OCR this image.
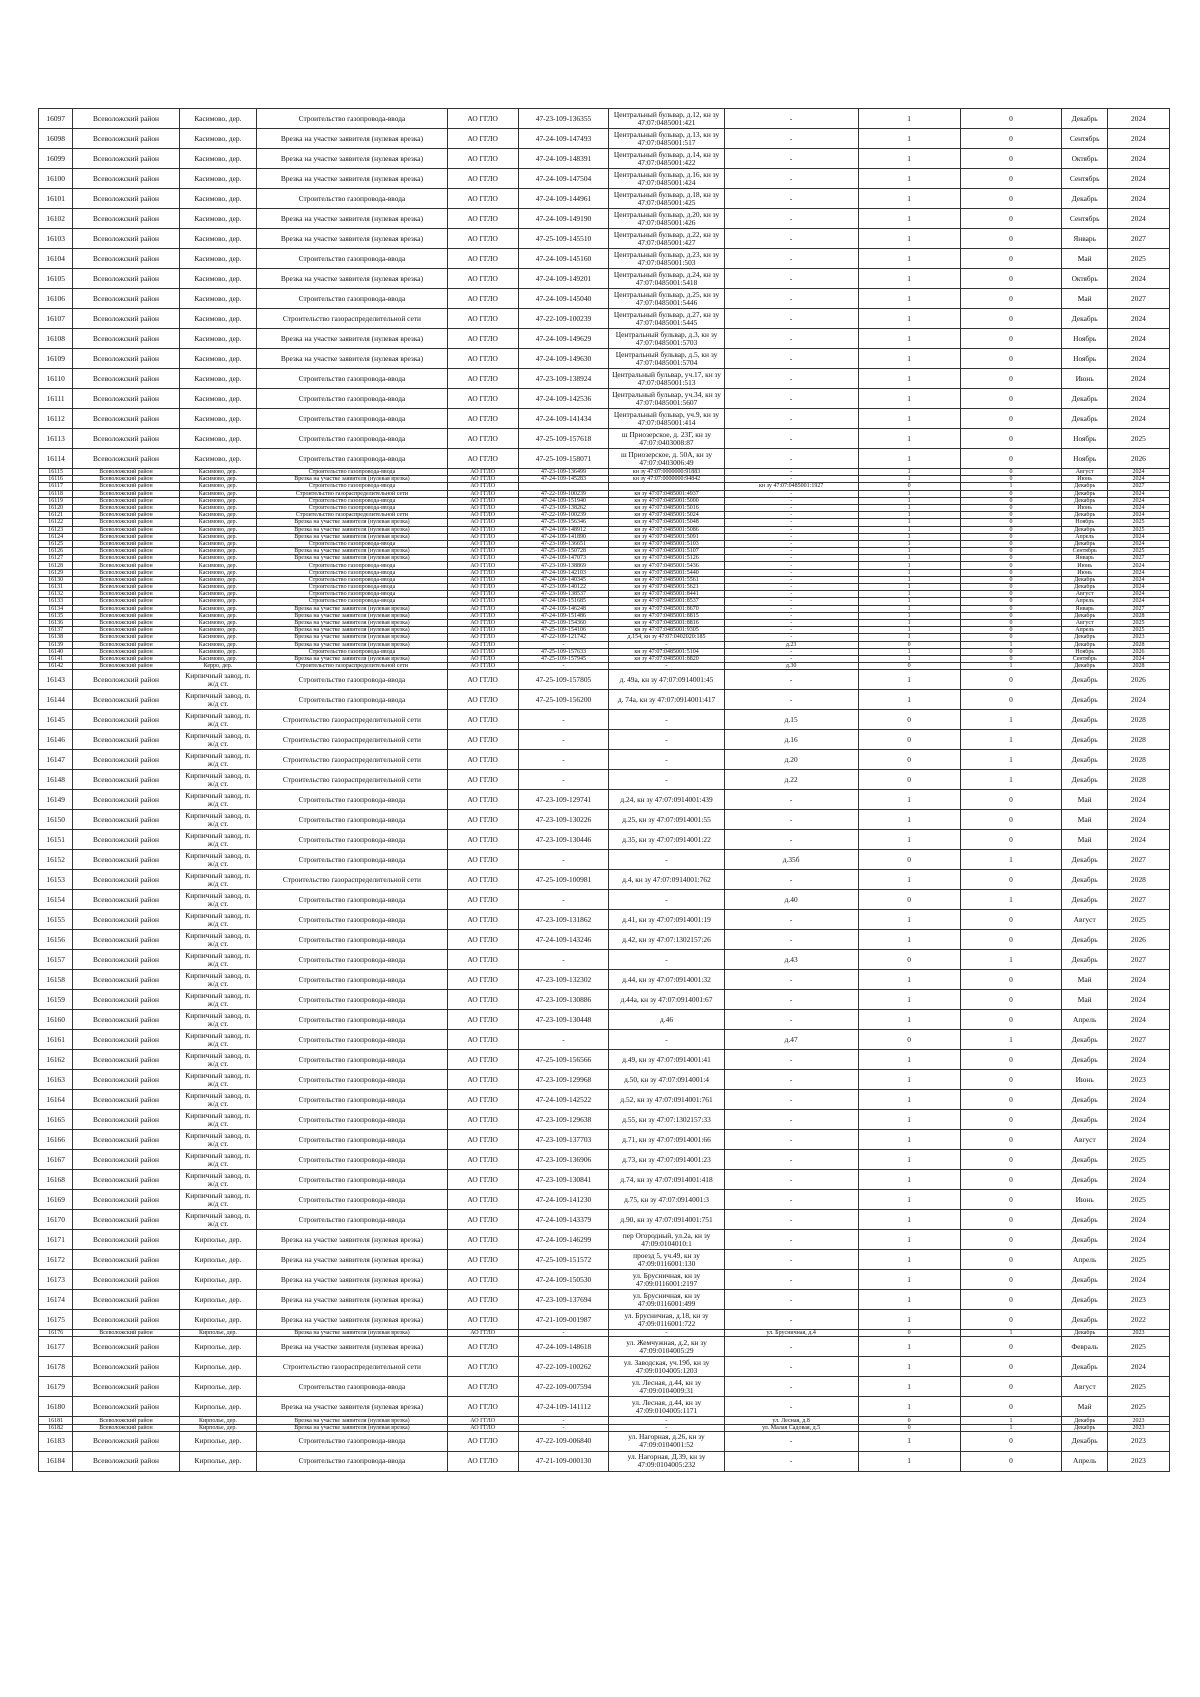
16097	Всеволожский район	Касимово, дер.	Строительство газопровода-ввода	АО ГГЛО	47-23-109-136355	Центральный бульвар, д.12, кн зу 47:07:0485001:421	-	1	0	Декабрь	2024
16098	Всеволожский район	Касимово, дер.	Врезка на участке заявителя (нулевая врезка)	АО ГГЛО	47-24-109-147493	Центральный бульвар, д.13, кн зу 47:07:0485001:517	-	1	0	Сентябрь	2024
16099	Всеволожский район	Касимово, дер.	Врезка на участке заявителя (нулевая врезка)	АО ГГЛО	47-24-109-148391	Центральный бульвар, д.14, кн зу 47:07:0485001:422	-	1	0	Октябрь	2024
16100	Всеволожский район	Касимово, дер.	Врезка на участке заявителя (нулевая врезка)	АО ГГЛО	47-24-109-147504	Центральный бульвар, д.16, кн зу 47:07:0485001:424	-	1	0	Сентябрь	2024
16101	Всеволожский район	Касимово, дер.	Строительство газопровода-ввода	АО ГГЛО	47-24-109-144961	Центральный бульвар, д.18, кн зу 47:07:0485001:425	-	1	0	Декабрь	2024
16102	Всеволожский район	Касимово, дер.	Врезка на участке заявителя (нулевая врезка)	АО ГГЛО	47-24-109-149190	Центральный бульвар, д.20, кн зу 47:07:0485001:426	-	1	0	Сентябрь	2024
16103	Всеволожский район	Касимово, дер.	Врезка на участке заявителя (нулевая врезка)	АО ГГЛО	47-25-109-145510	Центральный бульвар, д.22, кн зу 47:07:0485001:427	-	1	0	Январь	2027
16104	Всеволожский район	Касимово, дер.	Строительство газопровода-ввода	АО ГГЛО	47-24-109-145160	Центральный бульвар, д.23, кн зу 47:07:0485001:503	-	1	0	Май	2025
16105	Всеволожский район	Касимово, дер.	Врезка на участке заявителя (нулевая врезка)	АО ГГЛО	47-24-109-149201	Центральный бульвар, д.24, кн зу 47:07:0485001:5418	-	1	0	Октябрь	2024
16106	Всеволожский район	Касимово, дер.	Строительство газопровода-ввода	АО ГГЛО	47-24-109-145040	Центральный бульвар, д.25, кн зу 47:07:0485001:5446	-	1	0	Май	2027
16107	Всеволожский район	Касимово, дер.	Строительство газораспределительной сети	АО ГГЛО	47-22-109-100239	Центральный бульвар, д.27, кн зу 47:07:0485001:5445	-	1	0	Декабрь	2024
16108	Всеволожский район	Касимово, дер.	Врезка на участке заявителя (нулевая врезка)	АО ГГЛО	47-24-109-149629	Центральный бульвар, д.3, кн зу 47:07:0485001:5703	-	1	0	Ноябрь	2024
16109	Всеволожский район	Касимово, дер.	Врезка на участке заявителя (нулевая врезка)	АО ГГЛО	47-24-109-149630	Центральный бульвар, д.5, кн зу 47:07:0485001:5704	-	1	0	Ноябрь	2024
16110	Всеволожский район	Касимово, дер.	Строительство газопровода-ввода	АО ГГЛО	47-23-109-138924	Центральный бульвар, уч.17, кн зу 47:07:0485001:513	-	1	0	Июнь	2024
16111	Всеволожский район	Касимово, дер.	Строительство газопровода-ввода	АО ГГЛО	47-24-109-142536	Центральный бульвар, уч.34, кн зу 47:07:0485001:5607	-	1	0	Декабрь	2024
16112	Всеволожский район	Касимово, дер.	Строительство газопровода-ввода	АО ГГЛО	47-24-109-141434	Центральный бульвар, уч.9, кн зу 47:07:0485001:414	-	1	0	Декабрь	2024
16113	Всеволожский район	Касимово, дер.	Строительство газопровода-ввода	АО ГГЛО	47-25-109-157618	ш Приозерское, д. 23Г, кн зу 47:07:0403008:87	-	1	0	Ноябрь	2025
16114	Всеволожский район	Касимово, дер.	Строительство газопровода-ввода	АО ГГЛО	47-25-109-158071	ш Приозерское, д. 50А, кн зу 47:07:0403006:49	-	1	0	Ноябрь	2026
16115	Всеволожский район	Касимово, дер.	Строительство газопровода-ввода	АО ГГЛО	47-23-109-136499	кн зу 47:07:0000000:91883	-	1	0	Август	2024
16116	Всеволожский район	Касимово, дер.	Врезка на участке заявителя (нулевая врезка)	АО ГГЛО	47-24-109-145283	кн зу 47:07:0000000:94842	-	1	0	Июнь	2024
16117	Всеволожский район	Касимово, дер.	Строительство газопровода-ввода	АО ГГЛО			кн зу 47:07:0485001:1927	0	1	Декабрь	2027
16118	Всеволожский район	Касимово, дер.	Строительство газораспределительной сети	АО ГГЛО	47-22-109-100239	кн зу 47:07:0485001:4937	-	1	0	Декабрь	2024
16119	Всеволожский район	Касимово, дер.	Строительство газопровода-ввода	АО ГГЛО	47-24-109-151940	кн зу 47:07:0485001:5000	-	1	0	Декабрь	2024
16120	Всеволожский район	Касимово, дер.	Строительство газопровода-ввода	АО ГГЛО	47-23-109-138262	кн зу 47:07:0485001:5016	-	1	0	Июнь	2024
16121	Всеволожский район	Касимово, дер.	Строительство газораспределительной сети	АО ГГЛО	47-22-109-100239	кн зу 47:07:0485001:5024	-	1	0	Декабрь	2024
16122	Всеволожский район	Касимово, дер.	Врезка на участке заявителя (нулевая врезка)	АО ГГЛО	47-25-109-156346	кн зу 47:07:0485001:5048	-	1	0	Ноябрь	2025
16123	Всеволожский район	Касимово, дер.	Врезка на участке заявителя (нулевая врезка)	АО ГГЛО	47-24-109-148912	кн зу 47:07:0485001:5086	-	1	0	Декабрь	2025
16124	Всеволожский район	Касимово, дер.	Врезка на участке заявителя (нулевая врезка)	АО ГГЛО	47-24-109-141890	кн зу 47:07:0485001:5091	-	1	0	Апрель	2024
16125	Всеволожский район	Касимово, дер.	Строительство газопровода-ввода	АО ГГЛО	47-23-109-136651	кн зу 47:07:0485001:5103	-	1	0	Декабрь	2024
16126	Всеволожский район	Касимово, дер.	Врезка на участке заявителя (нулевая врезка)	АО ГГЛО	47-25-109-150728	кн зу 47:07:0485001:5107	-	1	0	Сентябрь	2025
16127	Всеволожский район	Касимово, дер.	Врезка на участке заявителя (нулевая врезка)	АО ГГЛО	47-24-109-147073	кн зу 47:07:0485001:5126	-	1	0	Январь	2027
16128	Всеволожский район	Касимово, дер.	Строительство газопровода-ввода	АО ГГЛО	47-23-109-138869	кн зу 47:07:0485001:5436	-	1	0	Июнь	2024
16129	Всеволожский район	Касимово, дер.	Строительство газопровода-ввода	АО ГГЛО	47-24-109-142103	кн зу 47:07:0485001:5440	-	1	0	Июнь	2024
16130	Всеволожский район	Касимово, дер.	Строительство газопровода-ввода	АО ГГЛО	47-24-109-140345	кн зу 47:07:0485001:5561	-	1	0	Декабрь	2024
16131	Всеволожский район	Касимово, дер.	Строительство газопровода-ввода	АО ГГЛО	47-23-109-140122	кн зу 47:07:0485001:5621	-	1	0	Декабрь	2024
16132	Всеволожский район	Касимово, дер.	Строительство газопровода-ввода	АО ГГЛО	47-23-109-138537	кн зу 47:07:0485001:8441	-	1	0	Август	2024
16133	Всеволожский район	Касимово, дер.	Строительство газопровода-ввода	АО ГГЛО	47-24-109-151685	кн зу 47:07:0485001:8537	-	1	0	Апрель	2024
16134	Всеволожский район	Касимово, дер.	Врезка на участке заявителя (нулевая врезка)	АО ГГЛО	47-24-109-146248	кн зу 47:07:0485001:8670	-	1	0	Январь	2027
16135	Всеволожский район	Касимово, дер.	Врезка на участке заявителя (нулевая врезка)	АО ГГЛО	47-24-109-151486	кн зу 47:07:0485001:8815	-	1	0	Декабрь	2028
16136	Всеволожский район	Касимово, дер.	Врезка на участке заявителя (нулевая врезка)	АО ГГЛО	47-25-109-154360	кн зу 47:07:0485001:8816	-	1	0	Август	2025
16137	Всеволожский район	Касимово, дер.	Врезка на участке заявителя (нулевая врезка)	АО ГГЛО	47-25-109-154106	кн зу 47:07:0485001:9305	-	1	0	Апрель	2025
16138	Всеволожский район	Касимово, дер.	Врезка на участке заявителя (нулевая врезка)	АО ГГЛО	47-22-109-121742	д.154, кн зу 47:07:0402020:185	-	1	0	Декабрь	2023
16139	Всеволожский район	Касимово, дер.	Врезка на участке заявителя (нулевая врезка)	АО ГГЛО	-	-	д.23	0	1	Декабрь	2028
16140	Всеволожский район	Касимово, дер.	Строительство газопровода-ввода	АО ГГЛО	47-25-109-157633	кн зу 47:07:0485001:5104	-	1	0	Ноябрь	2026
16141	Всеволожский район	Касимово, дер.	Врезка на участке заявителя (нулевая врезка)	АО ГГЛО	47-25-109-157945	кн зу 47:07:0485001:8820	-	1	0	Сентябрь	2024
16142	Всеволожский район	Керро, дер.	Строительство газораспределительной сети	АО ГГЛО	-	-	д.30	0	1	Декабрь	2028
16143	Всеволожский район	Кирпичный завод, п. ж/д ст.	Строительство газопровода-ввода	АО ГГЛО	47-25-109-157805	д. 49а, кн зу 47:07:0914001:45	-	1	0	Декабрь	2026
16144	Всеволожский район	Кирпичный завод, п. ж/д ст.	Строительство газопровода-ввода	АО ГГЛО	47-25-109-156200	д. 74а, кн зу 47:07:0914001:417	-	1	0	Декабрь	2024
16145	Всеволожский район	Кирпичный завод, п. ж/д ст.	Строительство газораспределительной сети	АО ГГЛО	-	-	д.15	0	1	Декабрь	2028
16146	Всеволожский район	Кирпичный завод, п. ж/д ст.	Строительство газораспределительной сети	АО ГГЛО	-	-	д.16	0	1	Декабрь	2028
16147	Всеволожский район	Кирпичный завод, п. ж/д ст.	Строительство газораспределительной сети	АО ГГЛО	-	-	д.20	0	1	Декабрь	2028
16148	Всеволожский район	Кирпичный завод, п. ж/д ст.	Строительство газораспределительной сети	АО ГГЛО	-	-	д.22	0	1	Декабрь	2028
16149	Всеволожский район	Кирпичный завод, п. ж/д ст.	Строительство газопровода-ввода	АО ГГЛО	47-23-109-129741	д.24, кн зу 47:07:0914001:439	-	1	0	Май	2024
16150	Всеволожский район	Кирпичный завод, п. ж/д ст.	Строительство газопровода-ввода	АО ГГЛО	47-23-109-130226	д.25, кн зу 47:07:0914001:55	-	1	0	Май	2024
16151	Всеволожский район	Кирпичный завод, п. ж/д ст.	Строительство газопровода-ввода	АО ГГЛО	47-23-109-130446	д.35, кн зу 47:07:0914001:22	-	1	0	Май	2024
16152	Всеволожский район	Кирпичный завод, п. ж/д ст.	Строительство газопровода-ввода	АО ГГЛО	-	-	д.35б	0	1	Декабрь	2027
16153	Всеволожский район	Кирпичный завод, п. ж/д ст.	Строительство газораспределительной сети	АО ГГЛО	47-25-109-100981	д.4, кн зу 47:07:0914001:762	-	1	0	Декабрь	2028
16154	Всеволожский район	Кирпичный завод, п. ж/д ст.	Строительство газопровода-ввода	АО ГГЛО	-	-	д.40	0	1	Декабрь	2027
16155	Всеволожский район	Кирпичный завод, п. ж/д ст.	Строительство газопровода-ввода	АО ГГЛО	47-23-109-131862	д.41, кн зу 47:07:0914001:19	-	1	0	Август	2025
16156	Всеволожский район	Кирпичный завод, п. ж/д ст.	Строительство газопровода-ввода	АО ГГЛО	47-24-109-143246	д.42, кн зу 47:07:1302157:26	-	1	0	Декабрь	2026
16157	Всеволожский район	Кирпичный завод, п. ж/д ст.	Строительство газопровода-ввода	АО ГГЛО	-	-	д.43	0	1	Декабрь	2027
16158	Всеволожский район	Кирпичный завод, п. ж/д ст.	Строительство газопровода-ввода	АО ГГЛО	47-23-109-132302	д.44, кн зу 47:07:0914001:32	-	1	0	Май	2024
16159	Всеволожский район	Кирпичный завод, п. ж/д ст.	Строительство газопровода-ввода	АО ГГЛО	47-23-109-130886	д.44а, кн зу 47:07:0914001:67	-	1	0	Май	2024
16160	Всеволожский район	Кирпичный завод, п. ж/д ст.	Строительство газопровода-ввода	АО ГГЛО	47-23-109-130448	д.46	-	1	0	Апрель	2024
16161	Всеволожский район	Кирпичный завод, п. ж/д ст.	Строительство газопровода-ввода	АО ГГЛО	-	-	д.47	0	1	Декабрь	2027
16162	Всеволожский район	Кирпичный завод, п. ж/д ст.	Строительство газопровода-ввода	АО ГГЛО	47-25-109-156566	д.49, кн зу 47:07:0914001:41	-	1	0	Декабрь	2024
16163	Всеволожский район	Кирпичный завод, п. ж/д ст.	Строительство газопровода-ввода	АО ГГЛО	47-23-109-129968	д.50, кн зу 47:07:0914001:4	-	1	0	Июнь	2023
16164	Всеволожский район	Кирпичный завод, п. ж/д ст.	Строительство газопровода-ввода	АО ГГЛО	47-24-109-142522	д.52, кн зу 47:07:0914001:761	-	1	0	Декабрь	2024
16165	Всеволожский район	Кирпичный завод, п. ж/д ст.	Строительство газопровода-ввода	АО ГГЛО	47-23-109-129638	д.55, кн зу 47:07:1302157:33	-	1	0	Декабрь	2024
16166	Всеволожский район	Кирпичный завод, п. ж/д ст.	Строительство газопровода-ввода	АО ГГЛО	47-23-109-137703	д.71, кн зу 47:07:0914001:66	-	1	0	Август	2024
16167	Всеволожский район	Кирпичный завод, п. ж/д ст.	Строительство газопровода-ввода	АО ГГЛО	47-23-109-136906	д.73, кн зу 47:07:0914001:23	-	1	0	Декабрь	2025
16168	Всеволожский район	Кирпичный завод, п. ж/д ст.	Строительство газопровода-ввода	АО ГГЛО	47-23-109-130841	д.74, кн зу 47:07:0914001:418	-	1	0	Декабрь	2024
16169	Всеволожский район	Кирпичный завод, п. ж/д ст.	Строительство газопровода-ввода	АО ГГЛО	47-24-109-141230	д.75, кн зу 47:07:0914001:3	-	1	0	Июнь	2025
16170	Всеволожский район	Кирпичный завод, п. ж/д ст.	Строительство газопровода-ввода	АО ГГЛО	47-24-109-143379	д.90, кн зу 47:07:0914001:751	-	1	0	Декабрь	2024
16171	Всеволожский район	Кирполье, дер.	Врезка на участке заявителя (нулевая врезка)	АО ГГЛО	47-24-109-146299	пер Огородный, ул.2а, кн зу 47:09:0104010:1	-	1	0	Декабрь	2024
16172	Всеволожский район	Кирполье, дер.	Врезка на участке заявителя (нулевая врезка)	АО ГГЛО	47-25-109-151572	проезд 5, уч.49, кн зу 47:09:0116001:130	-	1	0	Апрель	2025
16173	Всеволожский район	Кирполье, дер.	Врезка на участке заявителя (нулевая врезка)	АО ГГЛО	47-24-109-150530	ул. Брусничная, кн зу 47:09:0116001:2197	-	1	0	Декабрь	2024
16174	Всеволожский район	Кирполье, дер.	Врезка на участке заявителя (нулевая врезка)	АО ГГЛО	47-23-109-137694	ул. Брусничная, кн зу 47:09:0116001:499	-	1	0	Декабрь	2023
16175	Всеволожский район	Кирполье, дер.	Врезка на участке заявителя (нулевая врезка)	АО ГГЛО	47-21-109-001987	ул. Брусничная, д.18, кн зу 47:09:0116001:722	-	1	0	Декабрь	2022
16176	Всеволожский район	Кирполье, дер.	Врезка на участке заявителя (нулевая врезка)	АО ГГЛО	-	-	ул. Брусничная, д.4	0	1	Декабрь	2023
16177	Всеволожский район	Кирполье, дер.	Врезка на участке заявителя (нулевая врезка)	АО ГГЛО	47-24-109-148618	ул. Жемчужная, д.2, кн зу 47:09:0104005:29	-	1	0	Февраль	2025
16178	Всеволожский район	Кирполье, дер.	Строительство газораспределительной сети	АО ГГЛО	47-22-109-100262	ул. Заводская, уч.19б, кн зу 47:09:0104005:1203	-	1	0	Декабрь	2024
16179	Всеволожский район	Кирполье, дер.	Строительство газопровода-ввода	АО ГГЛО	47-22-109-007594	ул. Лесная, д.44, кн зу 47:09:0104009:31	-	1	0	Август	2025
16180	Всеволожский район	Кирполье, дер.	Врезка на участке заявителя (нулевая врезка)	АО ГГЛО	47-24-109-141112	ул. Лесная, д.44, кн зу 47:09:0104005:1171	-	1	0	Май	2025
16181	Всеволожский район	Кирполье, дер.	Врезка на участке заявителя (нулевая врезка)	АО ГГЛО	-	-	ул. Лесная, д.8	0	1	Декабрь	2023
16182	Всеволожский район	Кирполье, дер.	Врезка на участке заявителя (нулевая врезка)	АО ГГЛО	-	-	ул. Малая Садовая, д.5	0	1	Декабрь	2023
16183	Всеволожский район	Кирполье, дер.	Строительство газопровода-ввода	АО ГГЛО	47-22-109-006840	ул. Нагорная, д.26, кн зу 47:09:0104001:52	-	1	0	Декабрь	2023
16184	Всеволожский район	Кирполье, дер.	Строительство газопровода-ввода	АО ГГЛО	47-21-109-000130	ул. Нагорная, Д.39, кн зу 47:09:0104005:232	-	1	0	Апрель	2023
